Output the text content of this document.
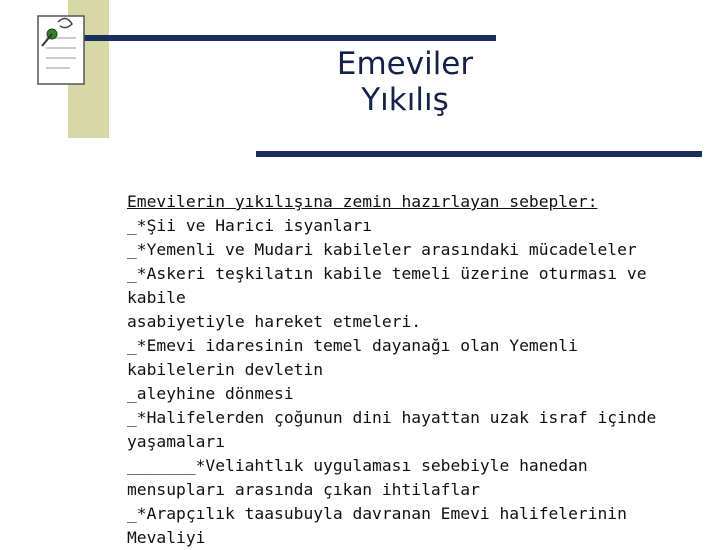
Emeviler
Yıkılış
Emevilerin yıkılışına zemin hazırlayan sebepler:
_*Şii ve Harici isyanları
_*Yemenli ve Mudari kabileler arasındaki mücadeleler
_*Askeri teşkilatın kabile temeli üzerine oturması ve
kabile
asabiyetiyle hareket etmeleri.
_*Emevi idaresinin temel dayanağı olan Yemenli
kabilelerin devletin
_aleyhine dönmesi
_*Halifelerden çoğunun dini hayattan uzak israf içinde
yaşamaları
_______*Veliahtlık uygulaması sebebiyle hanedan
mensupları arasında çıkan ihtilaflar
_*Arapçılık taasubuyla davranan Emevi halifelerinin
Mevaliyi
